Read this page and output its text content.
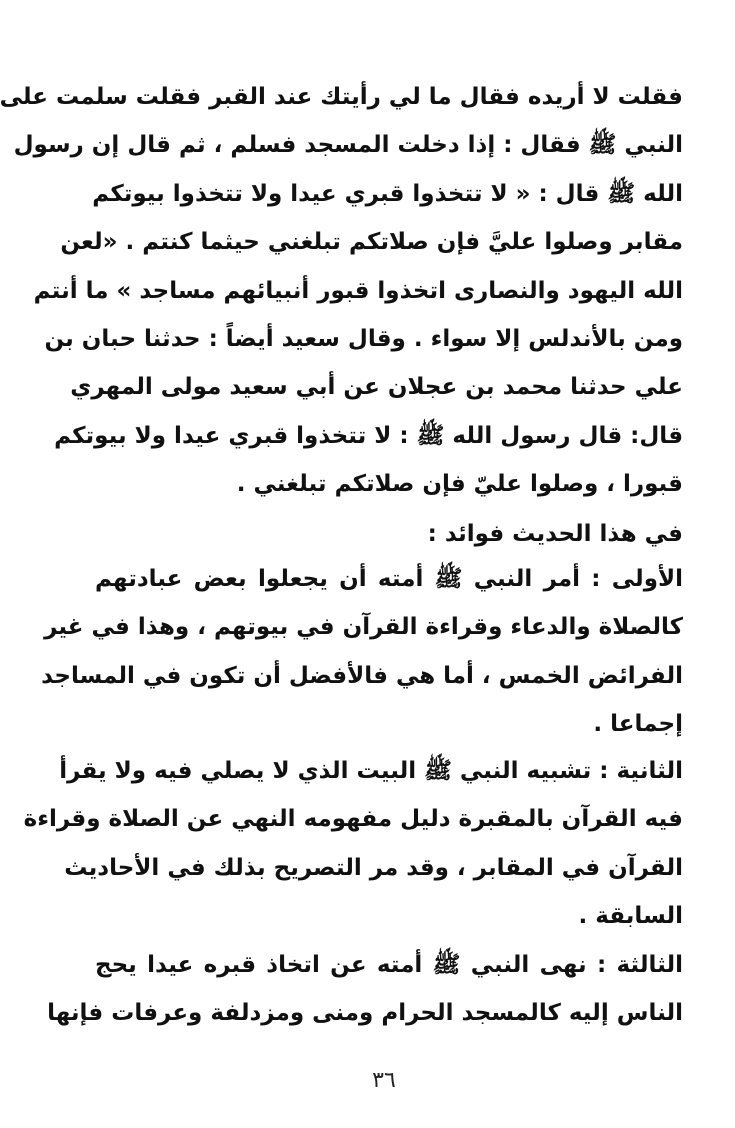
فقلت لا أريده فقال ما لي رأيتك عند القبر فقلت سلمت على
النبي ﷺ فقال : إذا دخلت المسجد فسلم ، ثم قال إن رسول
الله ﷺ قال : « لا تتخذوا قبري عيدا ولا تتخذوا بيوتكم
مقابر وصلوا عليَّ فإن صلاتكم تبلغني حيثما كنتم . «لعن
الله اليهود والنصارى اتخذوا قبور أنبيائهم مساجد » ما أنتم
ومن بالأندلس إلا سواء . وقال سعيد أيضاً : حدثنا حبان بن
علي حدثنا محمد بن عجلان عن أبي سعيد مولى المهري
قال: قال رسول الله ﷺ : لا تتخذوا قبري عيدا ولا بيوتكم
قبورا ، وصلوا عليّ فإن صلاتكم تبلغني .
في هذا الحديث فوائد :
الأولى : أمر النبي ﷺ أمته أن يجعلوا بعض عبادتهم
كالصلاة والدعاء وقراءة القرآن في بيوتهم ، وهذا في غير
الفرائض الخمس ، أما هي فالأفضل أن تكون في المساجد
إجماعا .
الثانية : تشبيه النبي ﷺ البيت الذي لا يصلي فيه ولا يقرأ
فيه القرآن بالمقبرة دليل مفهومه النهي عن الصلاة وقراءة
القرآن في المقابر ، وقد مر التصريح بذلك في الأحاديث
السابقة .
الثالثة : نهى النبي ﷺ أمته عن اتخاذ قبره عيدا يحج
الناس إليه كالمسجد الحرام ومنى ومزدلفة وعرفات فإنها
٣٦
